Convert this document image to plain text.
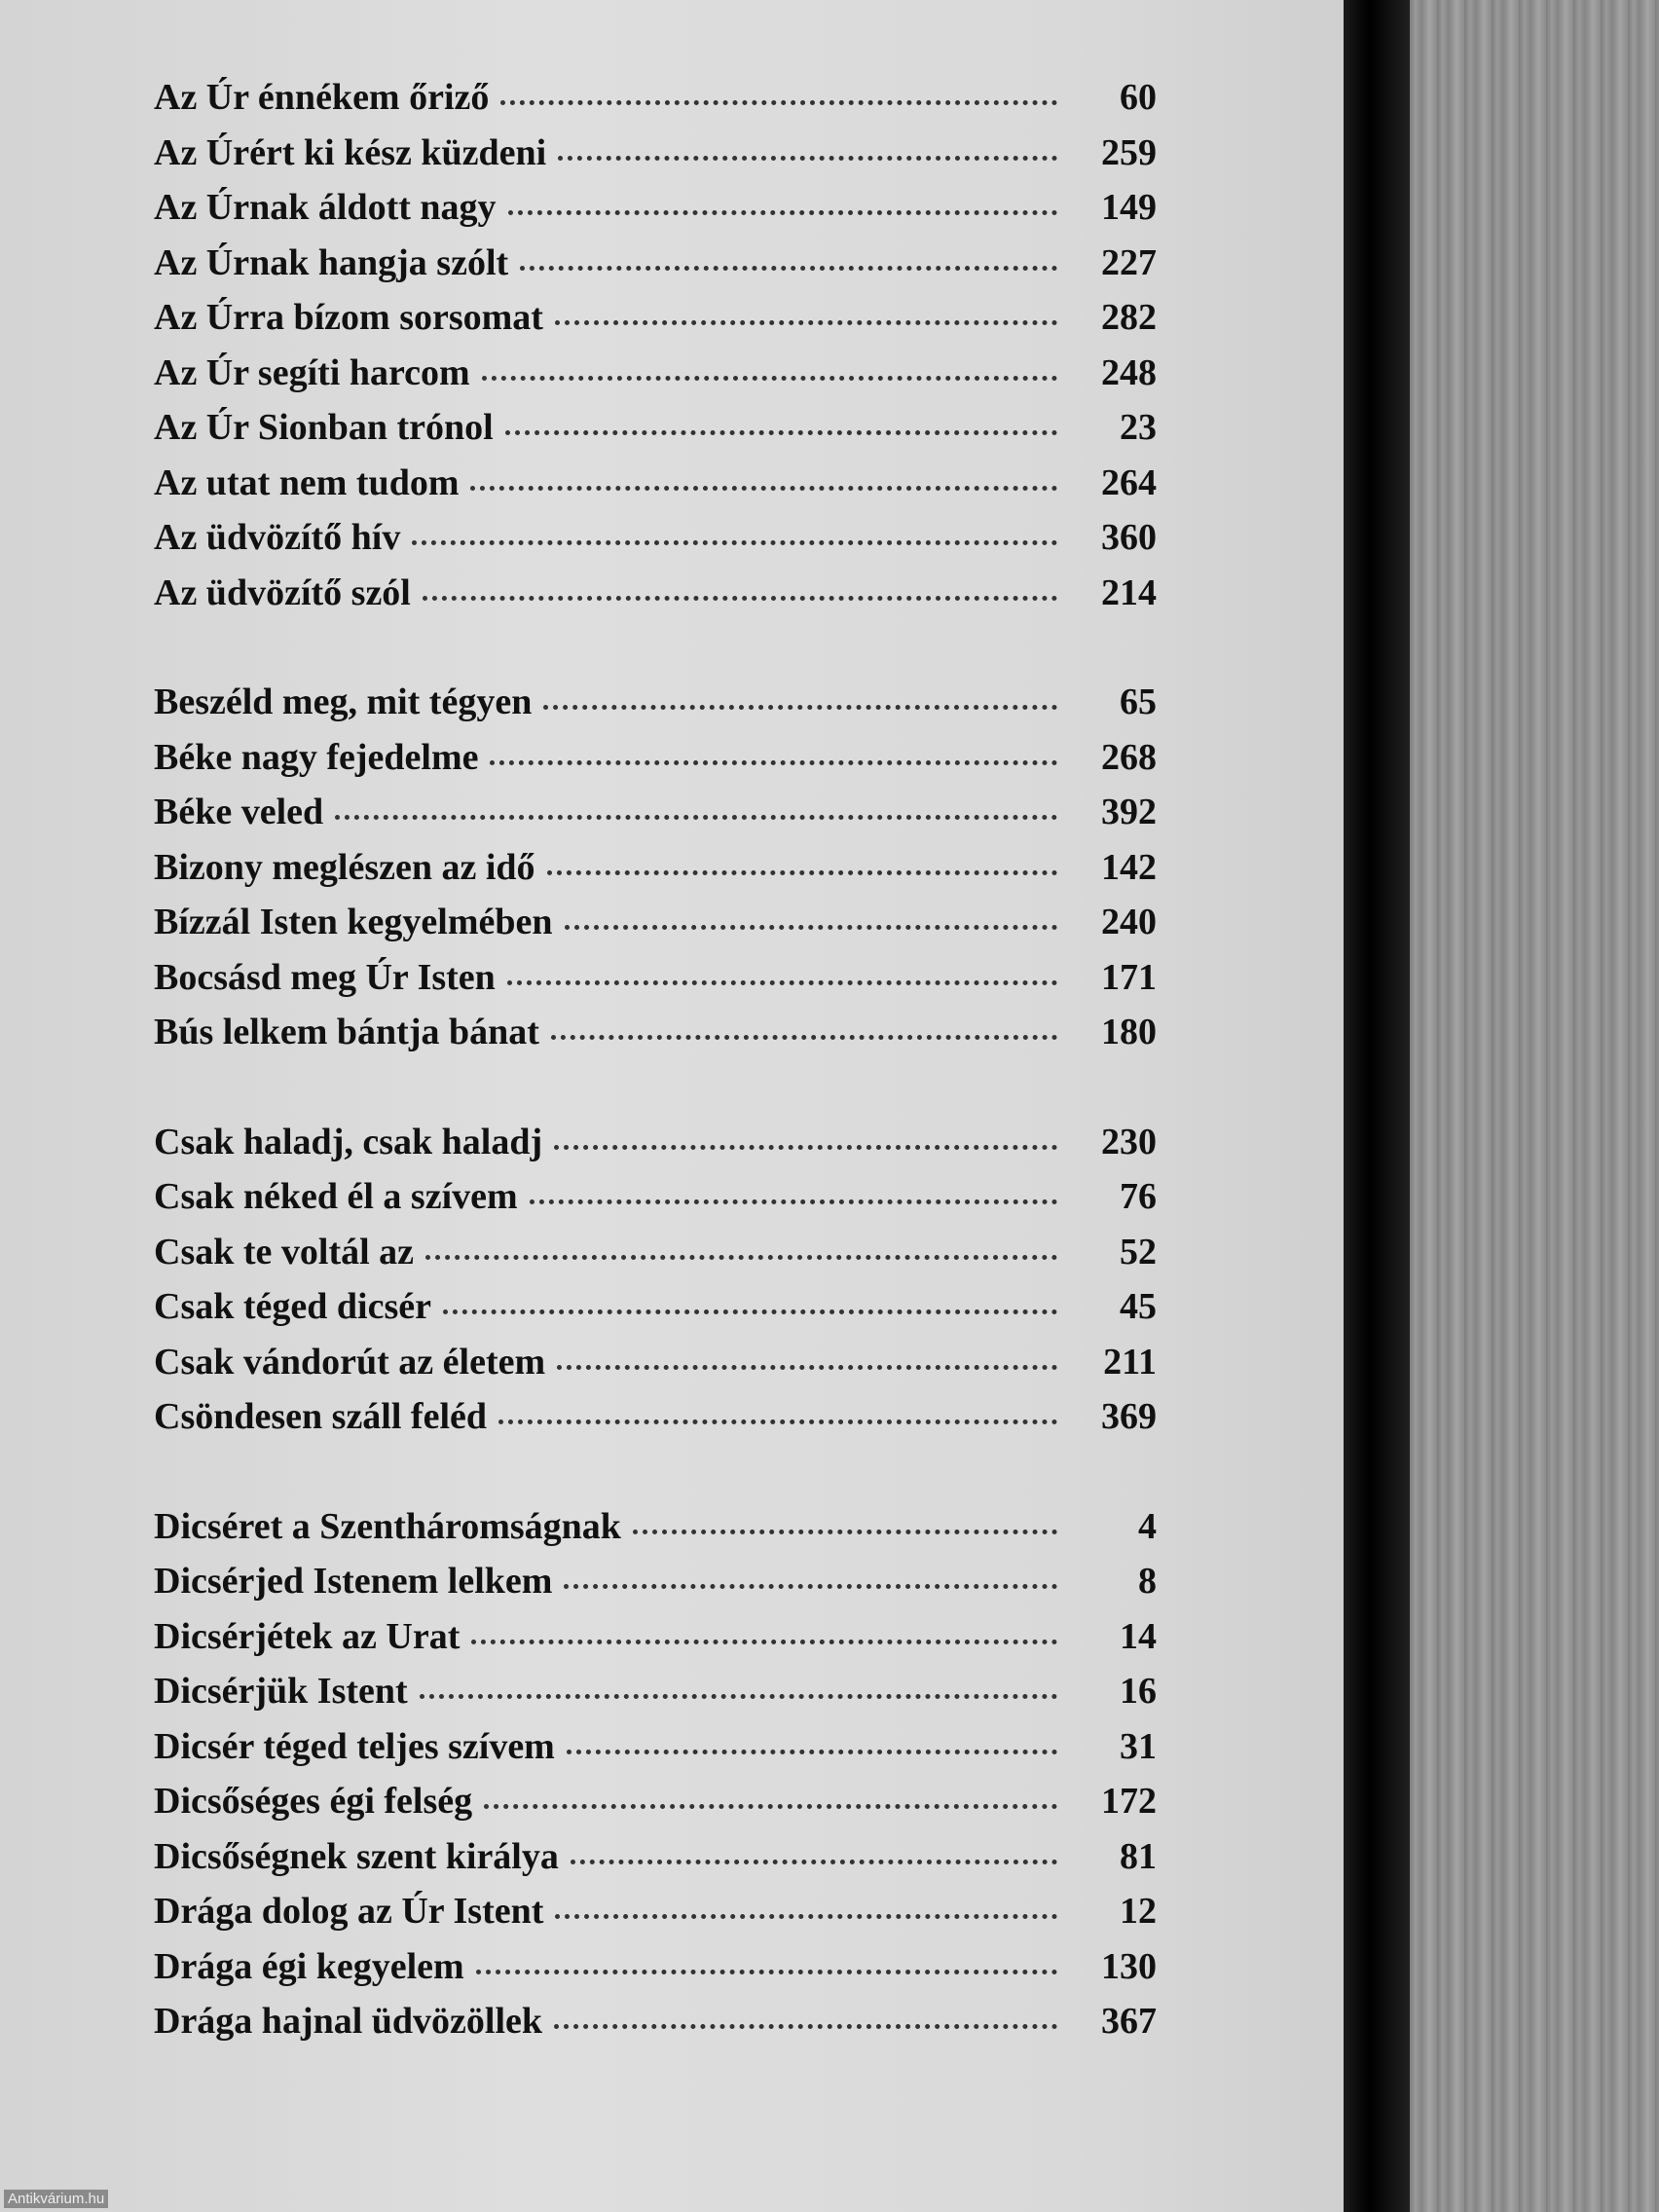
Az Úr énnékem őriző	60
Az Úrért ki kész küzdeni	259
Az Úrnak áldott nagy	149
Az Úrnak hangja szólt	227
Az Úrra bízom sorsomat	282
Az Úr segíti harcom	248
Az Úr Sionban trónol	23
Az utat nem tudom	264
Az üdvözítő hív	360
Az üdvözítő szól	214
Beszéld meg, mit tégyen	65
Béke nagy fejedelme	268
Béke veled	392
Bizony meglészen az idő	142
Bízzál Isten kegyelmében	240
Bocsásd meg Úr Isten	171
Bús lelkem bántja bánat	180
Csak haladj, csak haladj	230
Csak néked él a szívem	76
Csak te voltál az	52
Csak téged dicsér	45
Csak vándorút az életem	211
Csöndesen száll feléd	369
Dicséret a Szentháromságnak	4
Dicsérjed Istenem lelkem	8
Dicsérjétek az Urat	14
Dicsérjük Istent	16
Dicsér téged teljes szívem	31
Dicsőséges égi felség	172
Dicsőségnek szent királya	81
Drága dolog az Úr Istent	12
Drága égi kegyelem	130
Drága hajnal üdvözöllek	367
Antikvárium.hu
